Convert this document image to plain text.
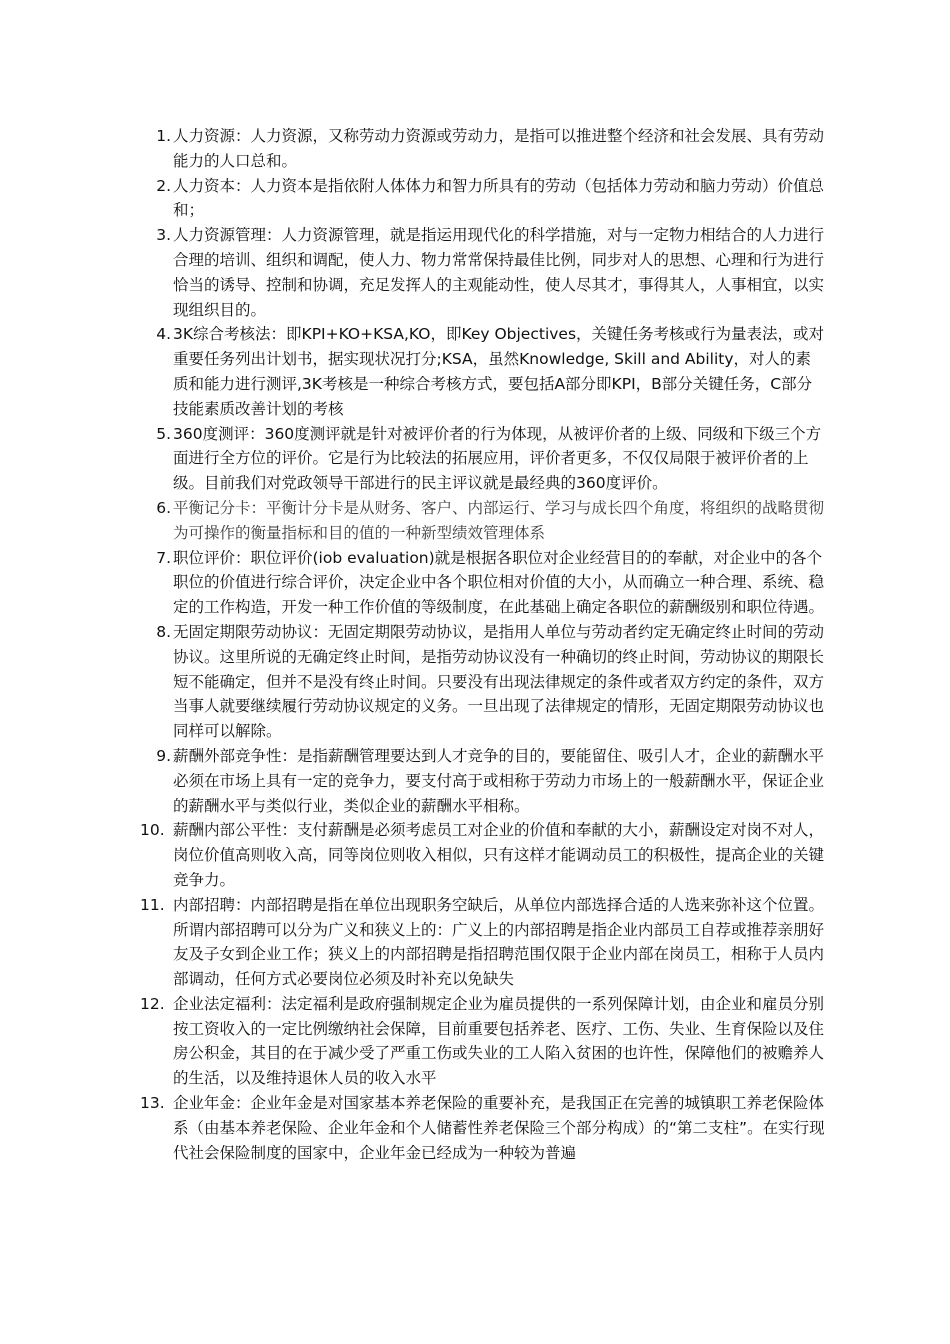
1. 人力资源：人力资源，又称劳动力资源或劳动力，是指可以推进整个经济和社会发展、具有劳动能力的人口总和。
2. 人力资本：人力资本是指依附人体体力和智力所具有的劳动（包括体力劳动和脑力劳动）价值总和；
3. 人力资源管理：人力资源管理，就是指运用现代化的科学措施，对与一定物力相结合的人力进行合理的培训、组织和调配，使人力、物力常常保持最佳比例，同步对人的思想、心理和行为进行恰当的诱导、控制和协调，充足发挥人的主观能动性，使人尽其才，事得其人，人事相宜，以实现组织目的。
4. 3K综合考核法：即KPI+KO+KSA,KO，即Key Objectives，关键任务考核或行为量表法，或对重要任务列出计划书，据实现状况打分;KSA，虽然Knowledge, Skill and Ability，对人的素质和能力进行测评,3K考核是一种综合考核方式，要包括A部分即KPI，B部分关键任务，C部分技能素质改善计划的考核
5. 360度测评：360度测评就是针对被评价者的行为体现，从被评价者的上级、同级和下级三个方面进行全方位的评价。它是行为比较法的拓展应用，评价者更多，不仅仅局限于被评价者的上级。目前我们对党政领导干部进行的民主评议就是最经典的360度评价。
6. 平衡记分卡：平衡计分卡是从财务、客户、内部运行、学习与成长四个角度，将组织的战略贯彻为可操作的衡量指标和目的值的一种新型绩效管理体系
7. 职位评价：职位评价(iob evaluation)就是根据各职位对企业经营目的的奉献，对企业中的各个职位的价值进行综合评价，决定企业中各个职位相对价值的大小，从而确立一种合理、系统、稳定的工作构造，开发一种工作价值的等级制度，在此基础上确定各职位的薪酬级别和职位待遇。
8. 无固定期限劳动协议：无固定期限劳动协议，是指用人单位与劳动者约定无确定终止时间的劳动协议。这里所说的无确定终止时间，是指劳动协议没有一种确切的终止时间，劳动协议的期限长短不能确定，但并不是没有终止时间。只要没有出现法律规定的条件或者双方约定的条件，双方当事人就要继续履行劳动协议规定的义务。一旦出现了法律规定的情形，无固定期限劳动协议也同样可以解除。
9. 薪酬外部竞争性：是指薪酬管理要达到人才竞争的目的，要能留住、吸引人才，企业的薪酬水平必须在市场上具有一定的竞争力，要支付高于或相称于劳动力市场上的一般薪酬水平，保证企业的薪酬水平与类似行业，类似企业的薪酬水平相称。
10. 薪酬内部公平性：支付薪酬是必须考虑员工对企业的价值和奉献的大小，薪酬设定对岗不对人，岗位价值高则收入高，同等岗位则收入相似，只有这样才能调动员工的积极性，提高企业的关键竞争力。
11. 内部招聘：内部招聘是指在单位出现职务空缺后，从单位内部选择合适的人选来弥补这个位置。所谓内部招聘可以分为广义和狭义上的：广义上的内部招聘是指企业内部员工自荐或推荐亲朋好友及子女到企业工作；狭义上的内部招聘是指招聘范围仅限于企业内部在岗员工，相称于人员内部调动，任何方式必要岗位必须及时补充以免缺失
12. 企业法定福利：法定福利是政府强制规定企业为雇员提供的一系列保障计划，由企业和雇员分别按工资收入的一定比例缴纳社会保障，目前重要包括养老、医疗、工伤、失业、生育保险以及住房公积金，其目的在于减少受了严重工伤或失业的工人陷入贫困的也许性，保障他们的被赡养人的生活，以及维持退休人员的收入水平
13. 企业年金：企业年金是对国家基本养老保险的重要补充，是我国正在完善的城镇职工养老保险体系（由基本养老保险、企业年金和个人储蓄性养老保险三个部分构成）的“第二支柱”。在实行现代社会保险制度的国家中，企业年金已经成为一种较为普遍
